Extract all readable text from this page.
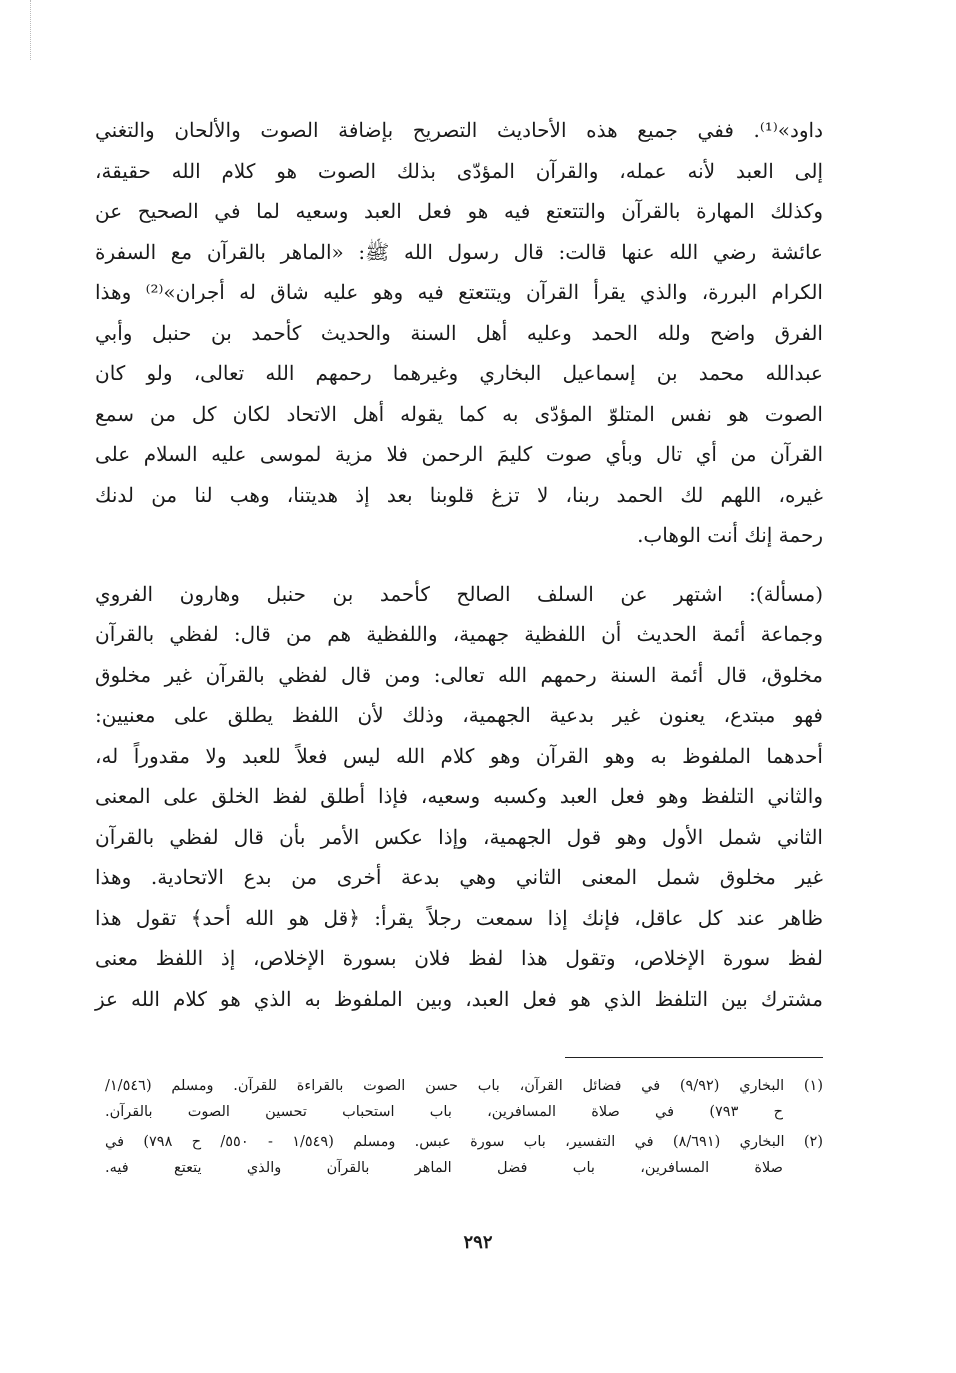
داود»⁽¹⁾. ففي جميع هذه الأحاديث التصريح بإضافة الصوت والألحان والتغني
إلى العبد لأنه عمله، والقرآن المؤدّى بذلك الصوت هو كلام الله حقيقة،
وكذلك المهارة بالقرآن والتتعتع فيه هو فعل العبد وسعيه لما في الصحيح عن
عائشة رضي الله عنها قالت: قال رسول الله ﷺ: «الماهر بالقرآن مع السفرة
الكرام البررة، والذي يقرأ القرآن ويتتعتع فيه وهو عليه شاق له أجران»⁽²⁾ وهذا
الفرق واضح ولله الحمد وعليه أهل السنة والحديث كأحمد بن حنبل وأبي
عبدالله محمد بن إسماعيل البخاري وغيرهما رحمهم الله تعالى، ولو كان
الصوت هو نفس المتلوّ المؤدّى به كما يقوله أهل الاتحاد لكان كل من سمع
القرآن من أي تال وبأي صوت كليمَ الرحمن فلا مزية لموسى عليه السلام على
غيره، اللهم لك الحمد ربنا، لا تزغ قلوبنا بعد إذ هديتنا، وهب لنا من لدنك
رحمة إنك أنت الوهاب.
(مسألة): اشتهر عن السلف الصالح كأحمد بن حنبل وهارون الفروي
وجماعة أئمة الحديث أن اللفظية جهمية، واللفظية هم من قال: لفظي بالقرآن
مخلوق، قال أئمة السنة رحمهم الله تعالى: ومن قال لفظي بالقرآن غير مخلوق
فهو مبتدع، يعنون غير بدعية الجهمية، وذلك لأن اللفظ يطلق على معنيين:
أحدهما الملفوظ به وهو القرآن وهو كلام الله ليس فعلاً للعبد ولا مقدوراً له،
والثاني التلفظ وهو فعل العبد وكسبه وسعيه، فإذا أطلق لفظ الخلق على المعنى
الثاني شمل الأول وهو قول الجهمية، وإذا عكس الأمر بأن قال لفظي بالقرآن
غير مخلوق شمل المعنى الثاني وهي بدعة أخرى من بدع الاتحادية. وهذا
ظاهر عند كل عاقل، فإنك إذا سمعت رجلاً يقرأ: ﴿قل هو الله أحد﴾ تقول هذا
لفظ سورة الإخلاص، وتقول هذا لفظ فلان بسورة الإخلاص، إذ اللفظ معنى
مشترك بين التلفظ الذي هو فعل العبد، وبين الملفوظ به الذي هو كلام الله عز
(١) البخاري (٩/٩٢) في فضائل القرآن، باب حسن الصوت بالقراءة للقرآن. ومسلم (١/٥٤٦/
ح ٧٩٣) في صلاة المسافرين، باب استحباب تحسين الصوت بالقرآن.
(٢) البخاري (٨/٦٩١) في التفسير، باب سورة عبس. ومسلم (١/٥٤٩ - ٥٥٠/ ح ٧٩٨) في
صلاة المسافرين، باب فضل الماهر بالقرآن والذي يتعتع فيه.
٢٩٢
